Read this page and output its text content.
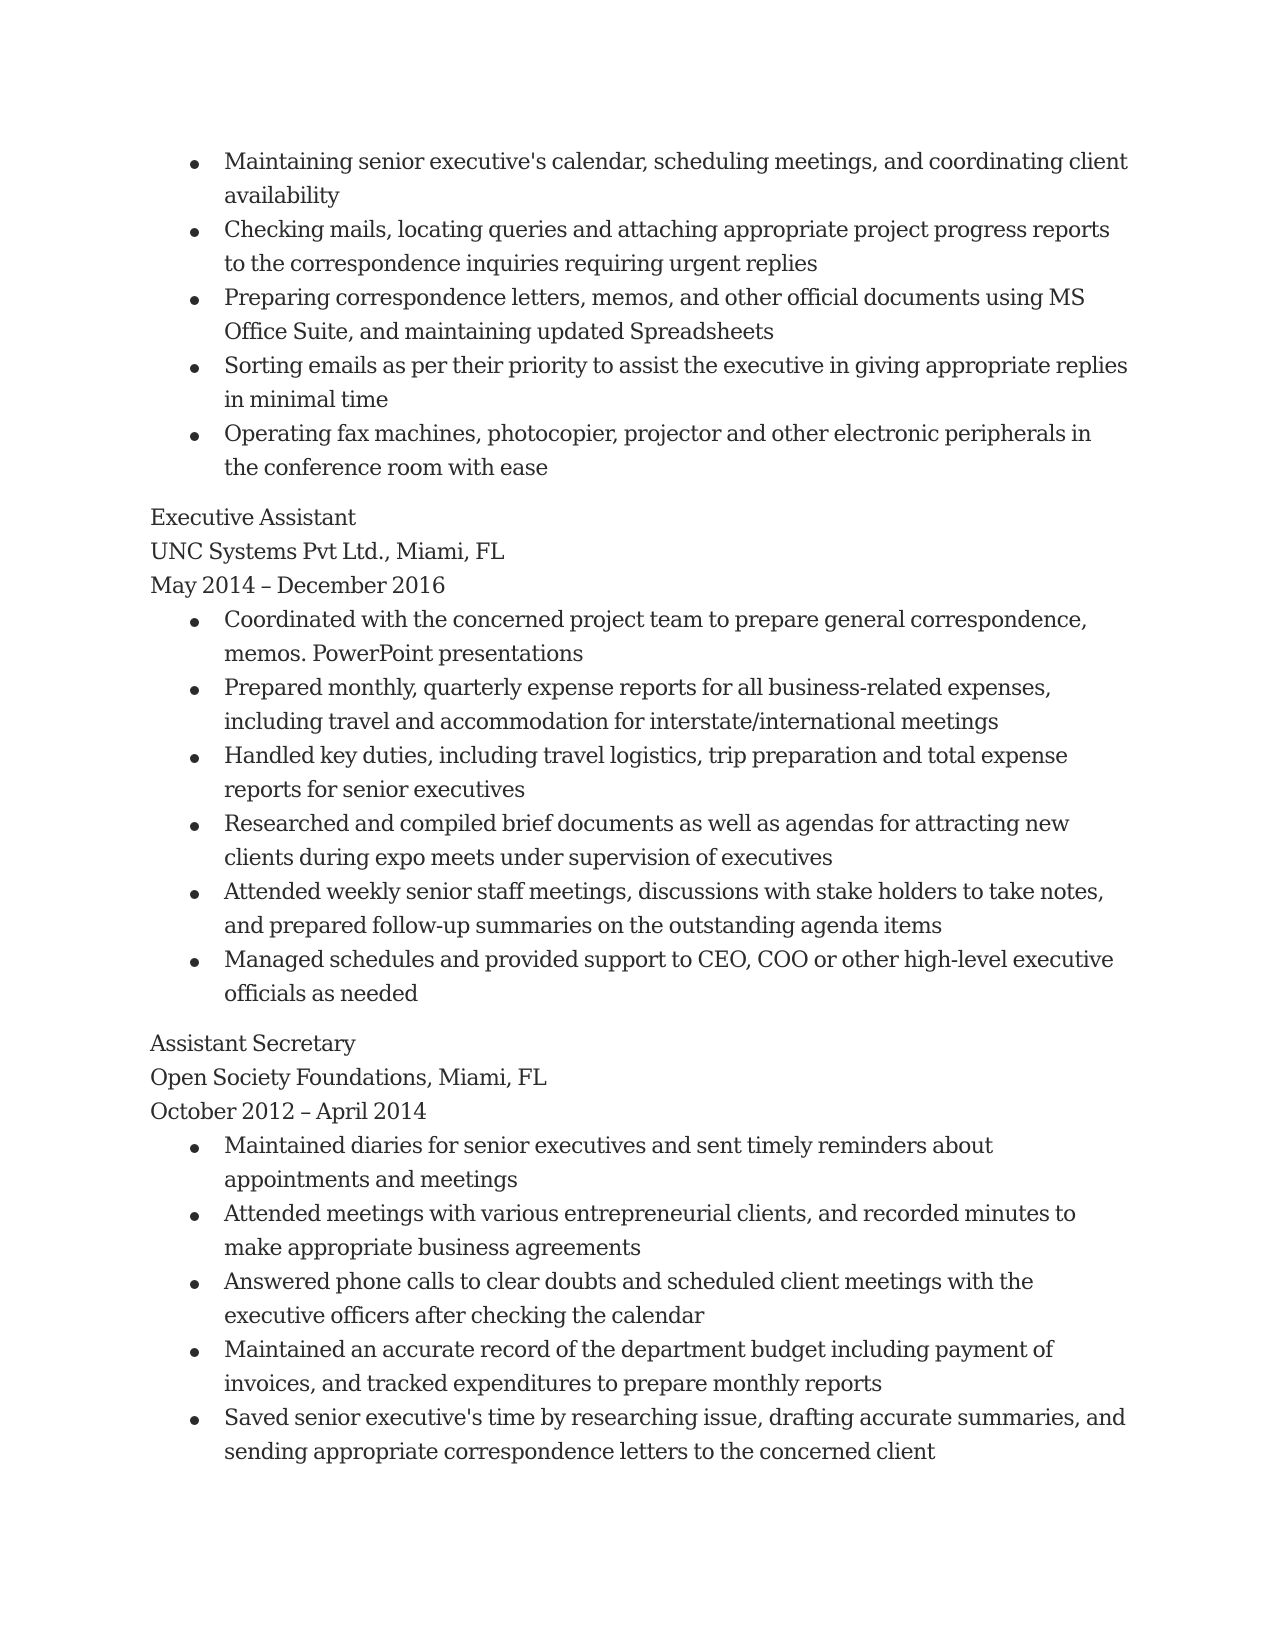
Maintaining senior executive's calendar, scheduling meetings, and coordinating client availability
Checking mails, locating queries and attaching appropriate project progress reports to the correspondence inquiries requiring urgent replies
Preparing correspondence letters, memos, and other official documents using MS Office Suite, and maintaining updated Spreadsheets
Sorting emails as per their priority to assist the executive in giving appropriate replies in minimal time
Operating fax machines, photocopier, projector and other electronic peripherals in the conference room with ease
Executive Assistant
UNC Systems Pvt Ltd., Miami, FL
May 2014 – December 2016
Coordinated with the concerned project team to prepare general correspondence, memos. PowerPoint presentations
Prepared monthly, quarterly expense reports for all business-related expenses, including travel and accommodation for interstate/international meetings
Handled key duties, including travel logistics, trip preparation and total expense reports for senior executives
Researched and compiled brief documents as well as agendas for attracting new clients during expo meets under supervision of executives
Attended weekly senior staff meetings, discussions with stake holders to take notes, and prepared follow-up summaries on the outstanding agenda items
Managed schedules and provided support to CEO, COO or other high-level executive officials as needed
Assistant Secretary
Open Society Foundations, Miami, FL
October 2012 – April 2014
Maintained diaries for senior executives and sent timely reminders about appointments and meetings
Attended meetings with various entrepreneurial clients, and recorded minutes to make appropriate business agreements
Answered phone calls to clear doubts and scheduled client meetings with the executive officers after checking the calendar
Maintained an accurate record of the department budget including payment of invoices, and tracked expenditures to prepare monthly reports
Saved senior executive's time by researching issue, drafting accurate summaries, and sending appropriate correspondence letters to the concerned client
